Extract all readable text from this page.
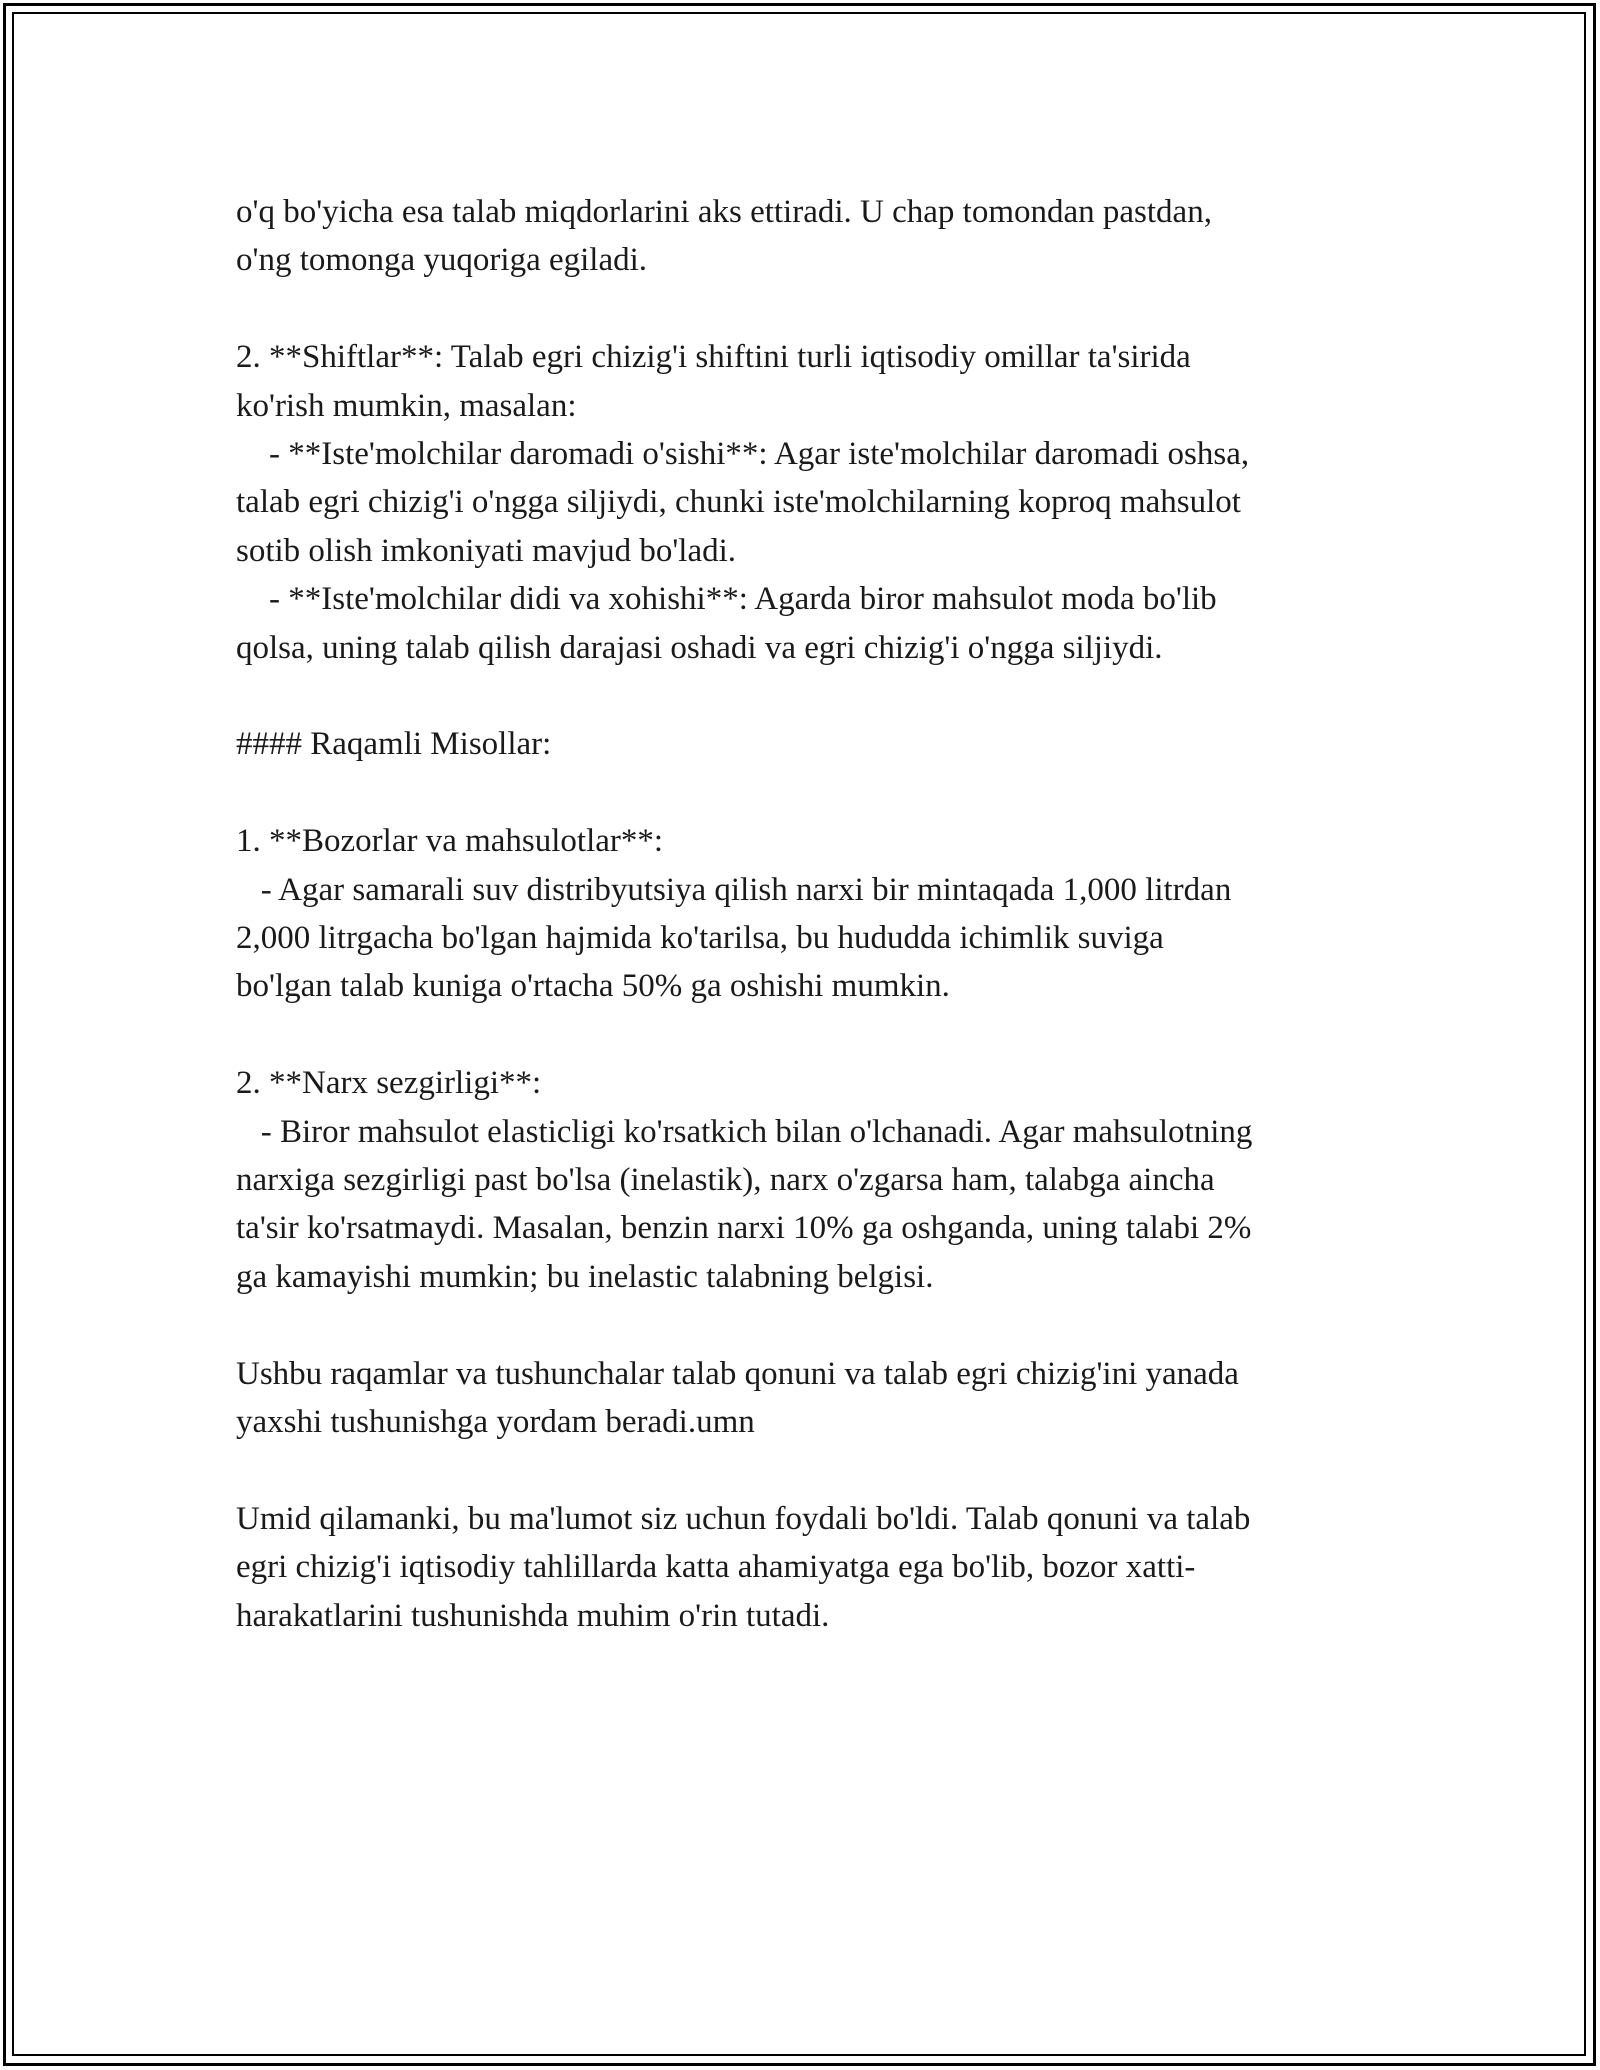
o'q bo'yicha esa talab miqdorlarini aks ettiradi. U chap tomondan pastdan,

o'ng tomonga yuqoriga egiladi.

2. **Shiftlar**: Talab egri chizig'i shiftini turli iqtisodiy omillar ta'sirida

ko'rish mumkin, masalan:

- **Iste'molchilar daromadi o'sishi**: Agar iste'molchilar daromadi oshsa,

talab egri chizig'i o'ngga siljiydi, chunki iste'molchilarning koproq mahsulot

sotib olish imkoniyati mavjud bo'ladi.

- **Iste'molchilar didi va xohishi**: Agarda biror mahsulot moda bo'lib

qolsa, uning talab qilish darajasi oshadi va egri chizig'i o'ngga siljiydi.

#### Raqamli Misollar:

1. **Bozorlar va mahsulotlar**:

- Agar samarali suv distribyutsiya qilish narxi bir mintaqada 1,000 litrdan

2,000 litrgacha bo'lgan hajmida ko'tarilsa, bu hududda ichimlik suviga

bo'lgan talab kuniga o'rtacha 50% ga oshishi mumkin.

2. **Narx sezgirligi**:

- Biror mahsulot elasticligi ko'rsatkich bilan o'lchanadi. Agar mahsulotning

narxiga sezgirligi past bo'lsa (inelastik), narx o'zgarsa ham, talabga aincha

ta'sir ko'rsatmaydi. Masalan, benzin narxi 10% ga oshganda, uning talabi 2%

ga kamayishi mumkin; bu inelastic talabning belgisi.

Ushbu raqamlar va tushunchalar talab qonuni va talab egri chizig'ini yanada

yaxshi tushunishga yordam beradi.umn

Umid qilamanki, bu ma'lumot siz uchun foydali bo'ldi. Talab qonuni va talab

egri chizig'i iqtisodiy tahlillarda katta ahamiyatga ega bo'lib, bozor xatti-

harakatlarini tushunishda muhim o'rin tutadi.
